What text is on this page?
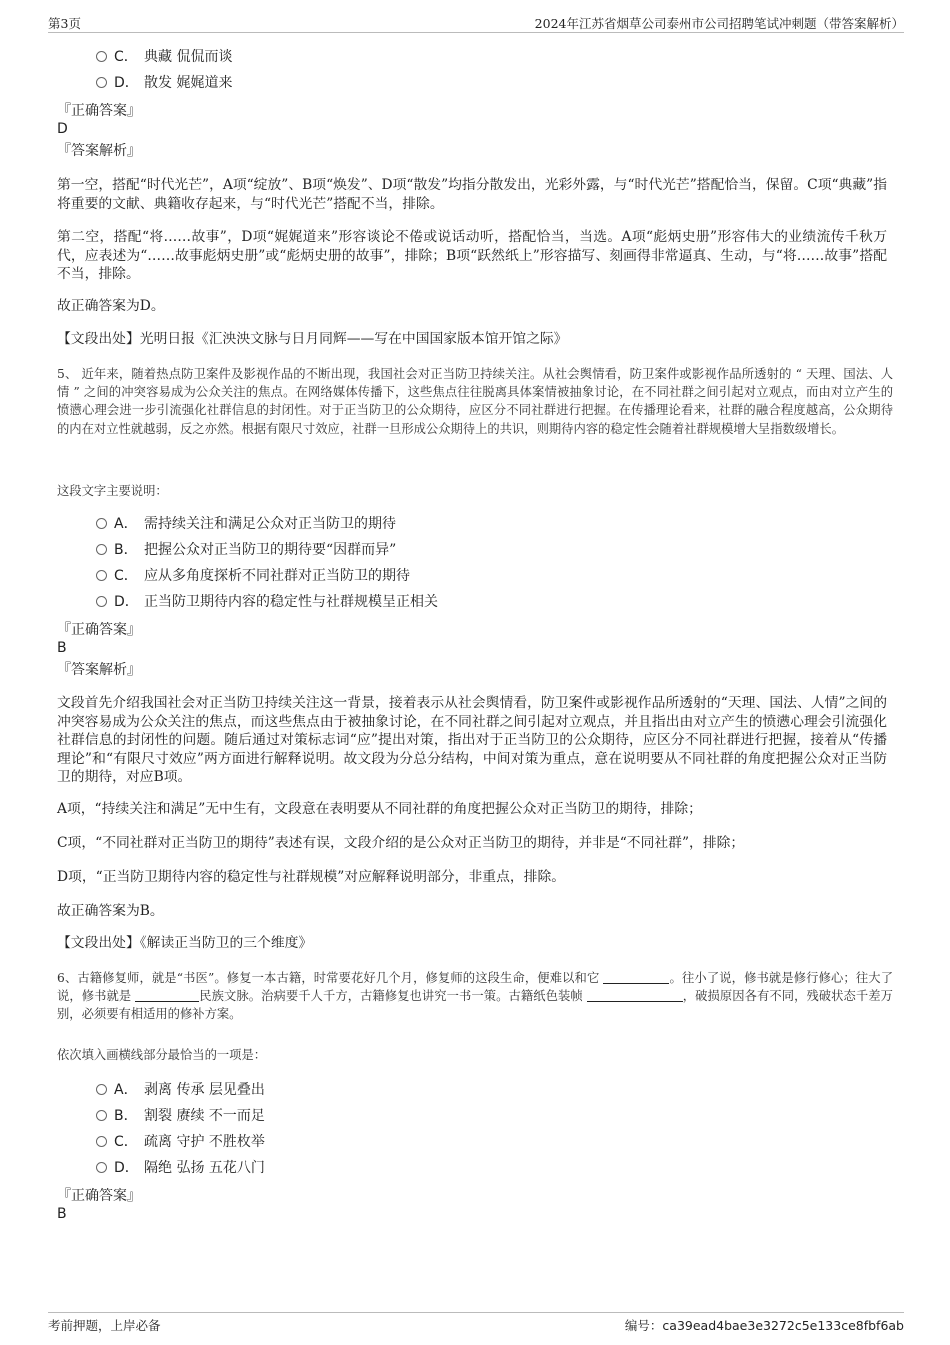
第3页	2024年江苏省烟草公司泰州市公司招聘笔试冲刺题（带答案解析）
C． 典藏 侃侃而谈
D． 散发 娓娓道来
『正确答案』
D
『答案解析』
第一空，搭配“时代光芒”，A项“绽放”、B项“焕发”、D项“散发”均指分散发出，光彩外露，与“时代光芒”搭配恰当，保留。C项“典藏”指将重要的文献、典籍收存起来，与“时代光芒”搭配不当，排除。
第二空，搭配“将……故事”，D项“娓娓道来”形容谈论不倦或说话动听，搭配恰当，当选。A项“彪炳史册”形容伟大的业绩流传千秋万代，应表述为“……故事彪炳史册”或“彪炳史册的故事”，排除；B项“跃然纸上”形容描写、刻画得非常逼真、生动，与“将……故事”搭配不当，排除。
故正确答案为D。
【文段出处】光明日报《汇泱泱文脉与日月同辉——写在中国国家版本馆开馆之际》
5、 近年来，随着热点防卫案件及影视作品的不断出现，我国社会对正当防卫持续关注。从社会舆情看，防卫案件或影视作品所透射的 “ 天理、国法、人情 ” 之间的冲突容易成为公众关注的焦点。在网络媒体传播下，这些焦点往往脱离具体案情被抽象讨论，在不同社群之间引起对立观点，而由对立产生的愤懑心理会进一步引流强化社群信息的封闭性。对于正当防卫的公众期待，应区分不同社群进行把握。在传播理论看来，社群的融合程度越高，公众期待的内在对立性就越弱，反之亦然。根据有限尺寸效应，社群一旦形成公众期待上的共识，则期待内容的稳定性会随着社群规模增大呈指数级增长。
这段文字主要说明：
A． 需持续关注和满足公众对正当防卫的期待
B． 把握公众对正当防卫的期待要“因群而异”
C． 应从多角度探析不同社群对正当防卫的期待
D． 正当防卫期待内容的稳定性与社群规模呈正相关
『正确答案』
B
『答案解析』
文段首先介绍我国社会对正当防卫持续关注这一背景，接着表示从社会舆情看，防卫案件或影视作品所透射的“天理、国法、人情”之间的冲突容易成为公众关注的焦点，而这些焦点由于被抽象讨论，在不同社群之间引起对立观点，并且指出由对立产生的愤懑心理会引流强化社群信息的封闭性的问题。随后通过对策标志词“应”提出对策，指出对于正当防卫的公众期待，应区分不同社群进行把握，接着从“传播理论”和“有限尺寸效应”两方面进行解释说明。故文段为分总分结构，中间对策为重点，意在说明要从不同社群的角度把握公众对正当防卫的期待，对应B项。
A项，“持续关注和满足”无中生有，文段意在表明要从不同社群的角度把握公众对正当防卫的期待，排除；
C项，“不同社群对正当防卫的期待”表述有误，文段介绍的是公众对正当防卫的期待，并非是“不同社群”，排除；
D项，“正当防卫期待内容的稳定性与社群规模”对应解释说明部分，非重点，排除。
故正确答案为B。
【文段出处】《解读正当防卫的三个维度》
6、古籍修复师，就是“书医”。修复一本古籍，时常要花好几个月，修复师的这段生命，便难以和它	。往小了说，修书就是修行修心；往大了说，修书就是	民族文脉。治病要千人千方，古籍修复也讲究一书一策。古籍纸色装帧	，破损原因各有不同，残破状态千差万别，必须要有相适用的修补方案。
依次填入画横线部分最恰当的一项是：
A． 剥离 传承 层见叠出
B． 割裂 赓续 不一而足
C． 疏离 守护 不胜枚举
D． 隔绝 弘扬 五花八门
『正确答案』
B
考前押题，上岸必备	编号：ca39ead4bae3e3272c5e133ce8fbf6ab
